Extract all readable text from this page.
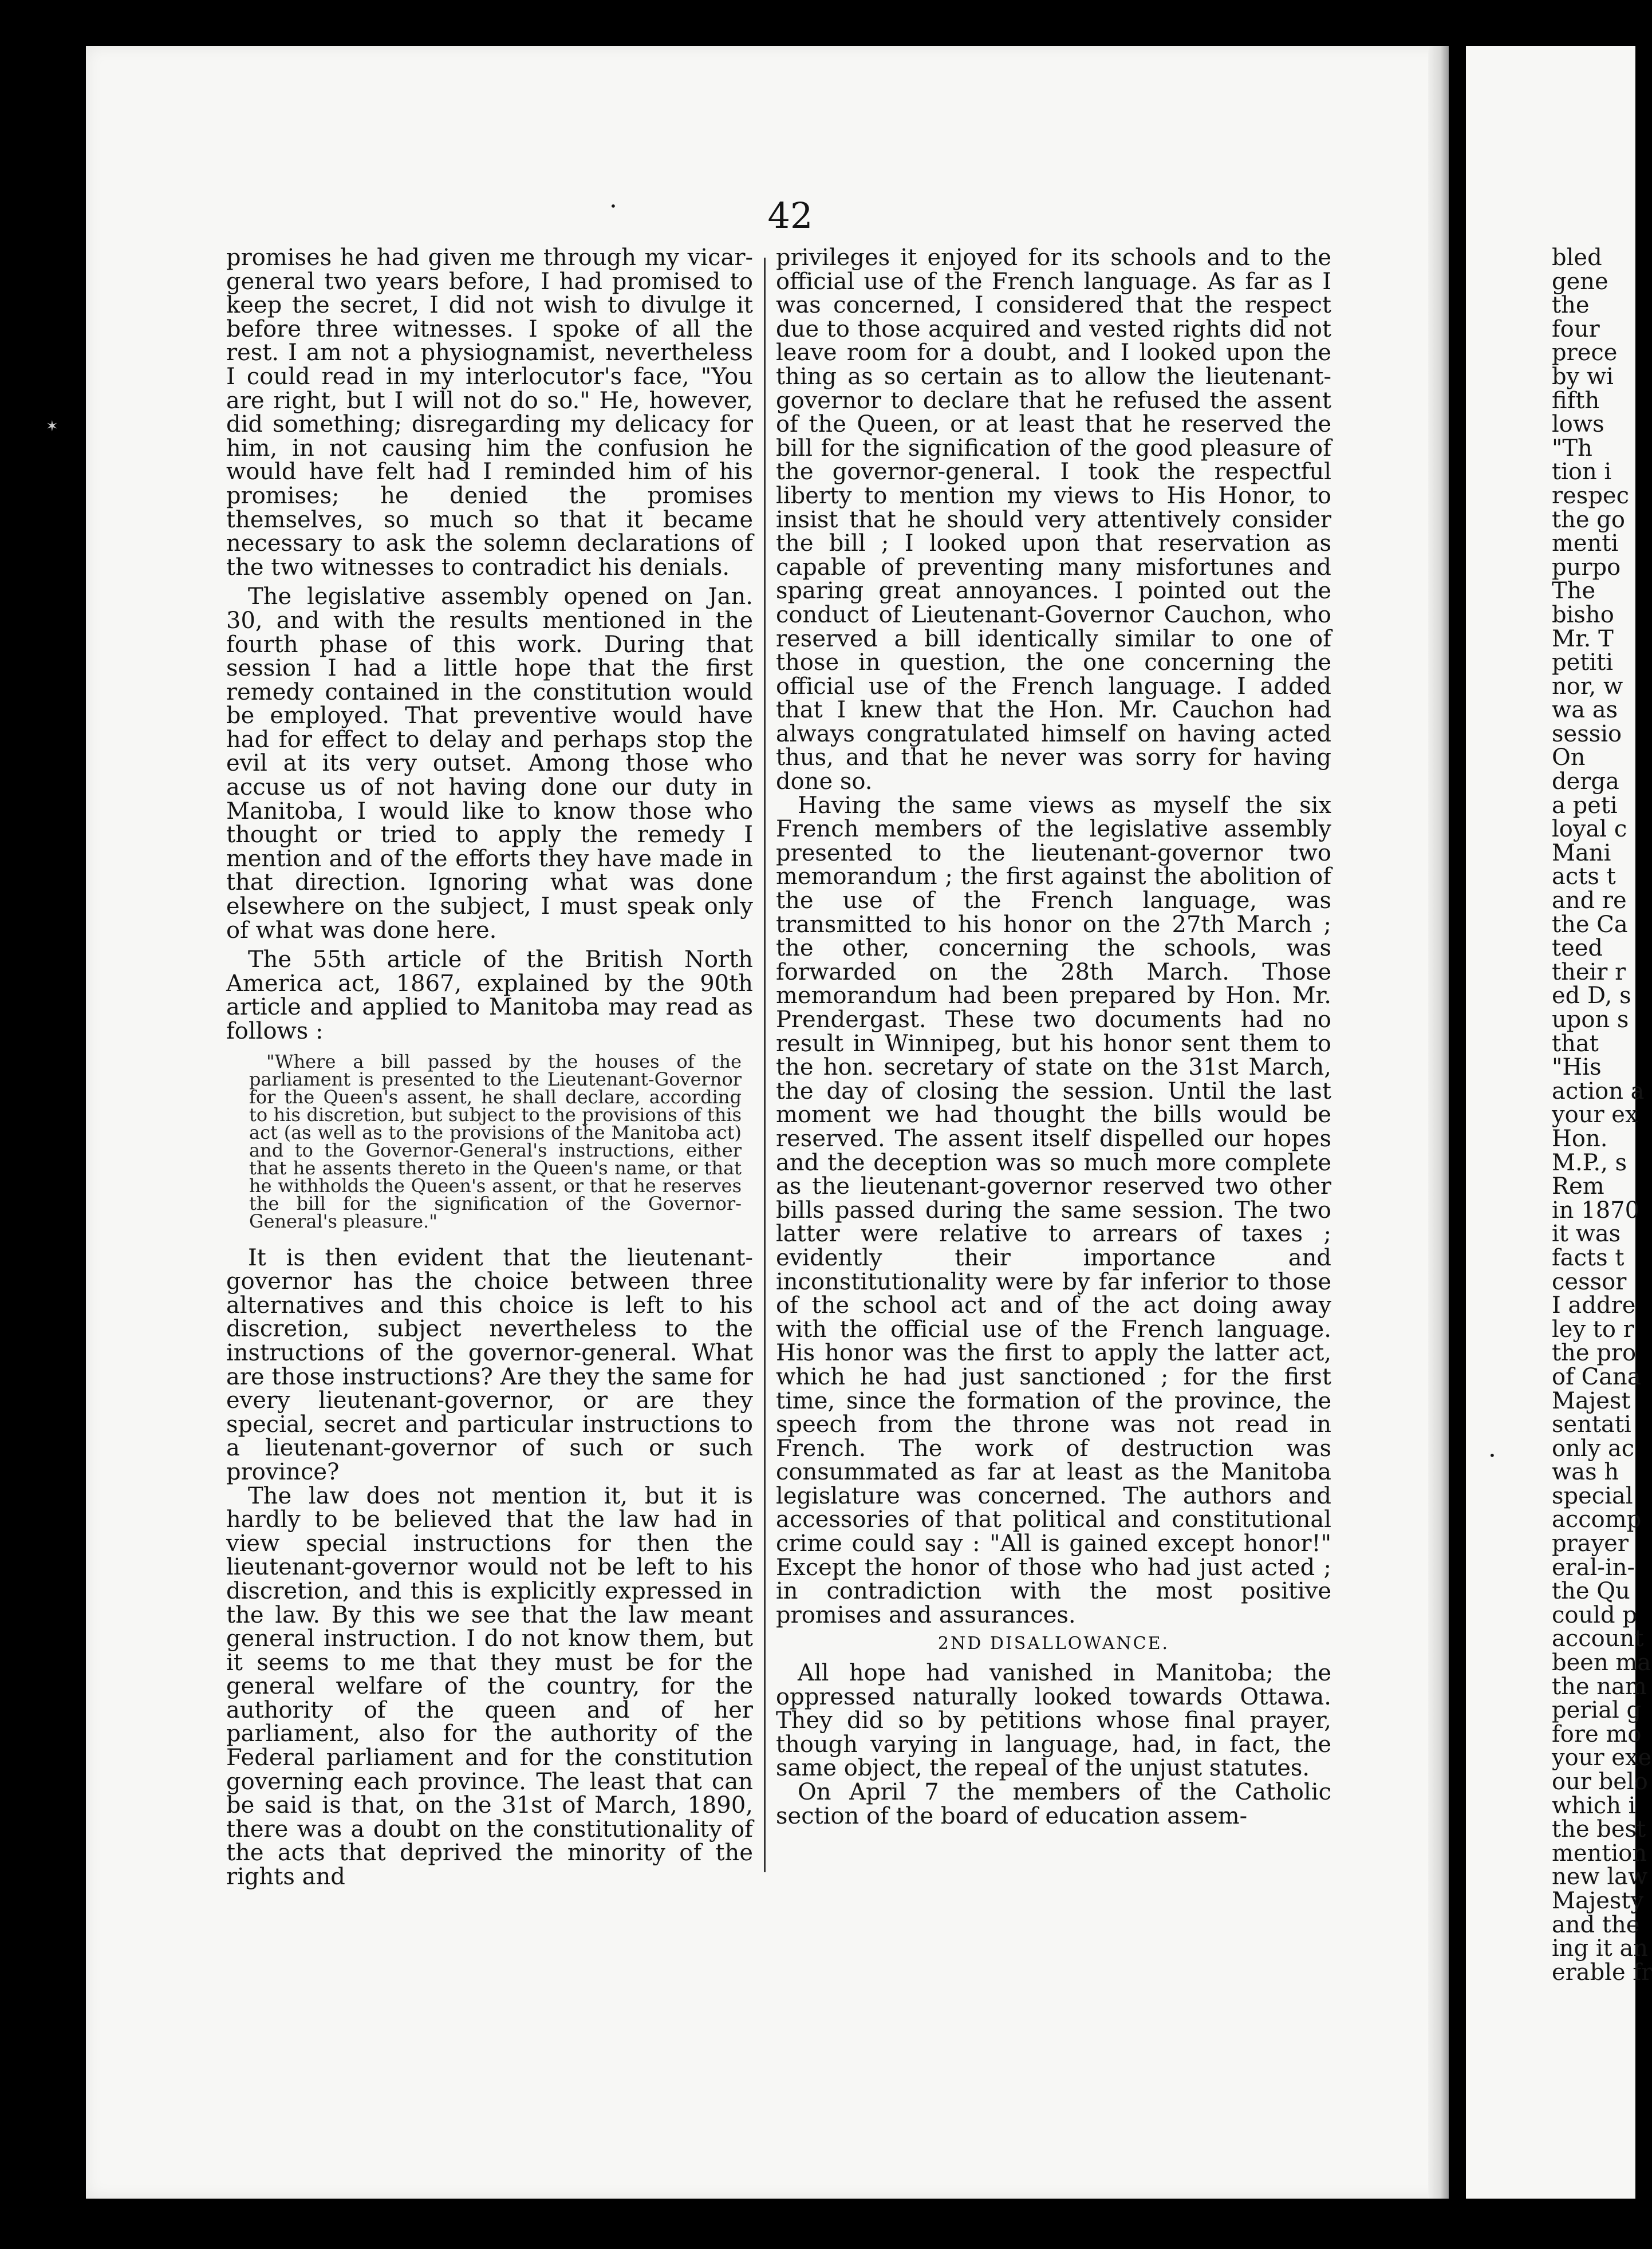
•
✶
42

promises he had given me through my vicar-general two years before, I had promised to keep the secret, I did not wish to divulge it before three witnesses. I spoke of all the rest. I am not a physiognamist, nevertheless I could read in my interlocutor's face, "You are right, but I will not do so." He, however, did something; disregarding my delicacy for him, in not causing him the confusion he would have felt had I reminded him of his promises; he denied the promises themselves, so much so that it became necessary to ask the solemn declarations of the two witnesses to contradict his denials.

The legislative assembly opened on Jan. 30, and with the results mentioned in the fourth phase of this work. During that session I had a little hope that the first remedy contained in the constitution would be employed. That preventive would have had for effect to delay and perhaps stop the evil at its very outset. Among those who accuse us of not having done our duty in Manitoba, I would like to know those who thought or tried to apply the remedy I mention and of the efforts they have made in that direction. Ignoring what was done elsewhere on the subject, I must speak only of what was done here.

The 55th article of the British North America act, 1867, explained by the 90th article and applied to Manitoba may read as follows :

"Where a bill passed by the houses of the parliament is presented to the Lieutenant-Governor for the Queen's assent, he shall declare, according to his discretion, but subject to the provisions of this act (as well as to the provisions of the Manitoba act) and to the Governor-General's instructions, either that he assents thereto in the Queen's name, or that he withholds the Queen's assent, or that he reserves the bill for the signification of the Governor-General's pleasure."

It is then evident that the lieutenant-governor has the choice between three alternatives and this choice is left to his discretion, subject nevertheless to the instructions of the governor-general. What are those instructions? Are they the same for every lieutenant-governor, or are they special, secret and particular instructions to a lieutenant-governor of such or such province?

The law does not mention it, but it is hardly to be believed that the law had in view special instructions for then the lieutenant-governor would not be left to his discretion, and this is explicitly expressed in the law. By this we see that the law meant general instruction. I do not know them, but it seems to me that they must be for the general welfare of the country, for the authority of the queen and of her parliament, also for the authority of the Federal parliament and for the constitution governing each province. The least that can be said is that, on the 31st of March, 1890, there was a doubt on the constitutionality of the acts that deprived the minority of the rights and

privileges it enjoyed for its schools and to the official use of the French language. As far as I was concerned, I considered that the respect due to those acquired and vested rights did not leave room for a doubt, and I looked upon the thing as so certain as to allow the lieutenant-governor to declare that he refused the assent of the Queen, or at least that he reserved the bill for the signification of the good pleasure of the governor-general. I took the respectful liberty to mention my views to His Honor, to insist that he should very attentively consider the bill ; I looked upon that reservation as capable of preventing many misfortunes and sparing great annoyances. I pointed out the conduct of Lieutenant-Governor Cauchon, who reserved a bill identically similar to one of those in question, the one concerning the official use of the French language. I added that I knew that the Hon. Mr. Cauchon had always congratulated himself on having acted thus, and that he never was sorry for having done so.

Having the same views as myself the six French members of the legislative assembly presented to the lieutenant-governor two memorandum ; the first against the abolition of the use of the French language, was transmitted to his honor on the 27th March ; the other, concerning the schools, was forwarded on the 28th March. Those memorandum had been prepared by Hon. Mr. Prendergast. These two documents had no result in Winnipeg, but his honor sent them to the hon. secretary of state on the 31st March, the day of closing the session. Until the last moment we had thought the bills would be reserved. The assent itself dispelled our hopes and the deception was so much more complete as the lieutenant-governor reserved two other bills passed during the same session. The two latter were relative to arrears of taxes ; evidently their importance and inconstitutionality were by far inferior to those of the school act and of the act doing away with the official use of the French language. His honor was the first to apply the latter act, which he had just sanctioned ; for the first time, since the formation of the province, the speech from the throne was not read in French. The work of destruction was consummated as far at least as the Manitoba legislature was concerned. The authors and accessories of that political and constitutional crime could say : "All is gained except honor!" Except the honor of those who had just acted ; in contradiction with the most positive promises and assurances.

2ND DISALLOWANCE.

All hope had vanished in Manitoba; the oppressed naturally looked towards Ottawa. They did so by petitions whose final prayer, though varying in language, had, in fact, the same object, the repeal of the unjust statutes.

On April 7 the members of the Catholic section of the board of education assem-

bled
gene
the
four
prece
by wi
fifth
lows
"Th
tion i
respec
the go
menti
purpo
The
bisho
Mr. T
petiti
nor, w
wa as
sessio
On
derga
a peti
loyal c
Mani
acts t
and re
the Ca
teed
their r
ed D, s
upon s
that
"His
action a
your ex
Hon.
M.P., s
Rem
in 1870
it was
facts t
cessor
I addre
ley to r
the pro
of Cana
Majest
sentati
only ac
was h
special
accomp
prayer
eral-in-
the Qu
could p
account
been ma
the nam
perial g
fore mo
your exe
our belo
which i
the best
mention
new law
Majesty
and the
ing it an
erable fr
•
